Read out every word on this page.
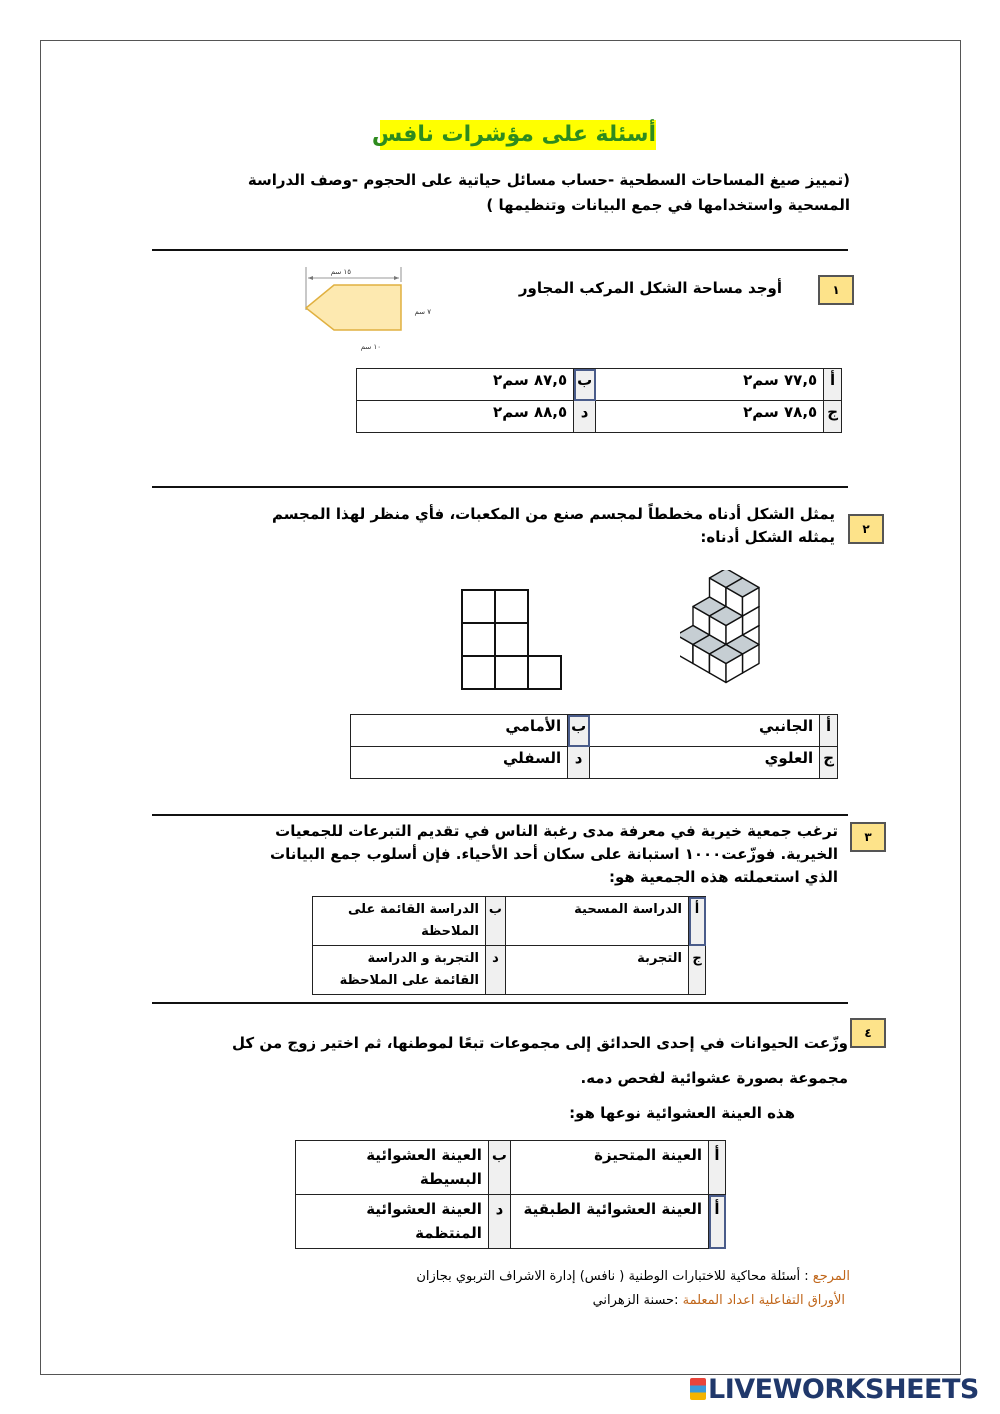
أسئلة على مؤشرات نافس
(تمييز صيغ المساحات السطحية -حساب مسائل حياتية على الحجوم -وصف الدراسة المسحية واستخدامها في جمع البيانات وتنظيمها )
١
أوجد مساحة الشكل المركب المجاور
١٥ سم
٧ سم
١٠ سم
أ	٧٧,٥ سم٢	ب	٨٧,٥ سم٢
ج	٧٨,٥ سم٢	د	٨٨,٥ سم٢
٢
يمثل الشكل أدناه مخططاً لمجسم صنع من المكعبات، فأي منظر لهذا المجسم يمثله الشكل أدناه:
أ	الجانبي	ب	الأمامي
ج	العلوي	د	السفلي
٣
ترغب جمعية خيرية في معرفة مدى رغبة الناس في تقديم التبرعات للجمعيات الخيرية. فوزّعت١٠٠٠ استبانة على سكان أحد الأحياء. فإن أسلوب جمع البيانات الذي استعملته هذه الجمعية هو:
أ	الدراسة المسحية	ب	الدراسة القائمة على الملاحظة
ج	التجربة	د	التجربة و الدراسة القائمة على الملاحظة
٤
وزّعت الحيوانات في إحدى الحدائق إلى مجموعات تبعًا لموطنها، ثم اختير زوج من كل
مجموعة بصورة عشوائية لفحص دمه.
هذه العينة العشوائية نوعها هو:
أ	العينة المتحيزة	ب	العينة العشوائية البسيطة
أ	العينة العشوائية الطبقية	د	العينة العشوائية المنتظمة
المرجع : أسئلة محاكية للاختبارات الوطنية ( نافس) إدارة الاشراف التربوي بجازان
الأوراق التفاعلية اعداد المعلمة :حسنة الزهراني
LIVEWORKSHEETS
